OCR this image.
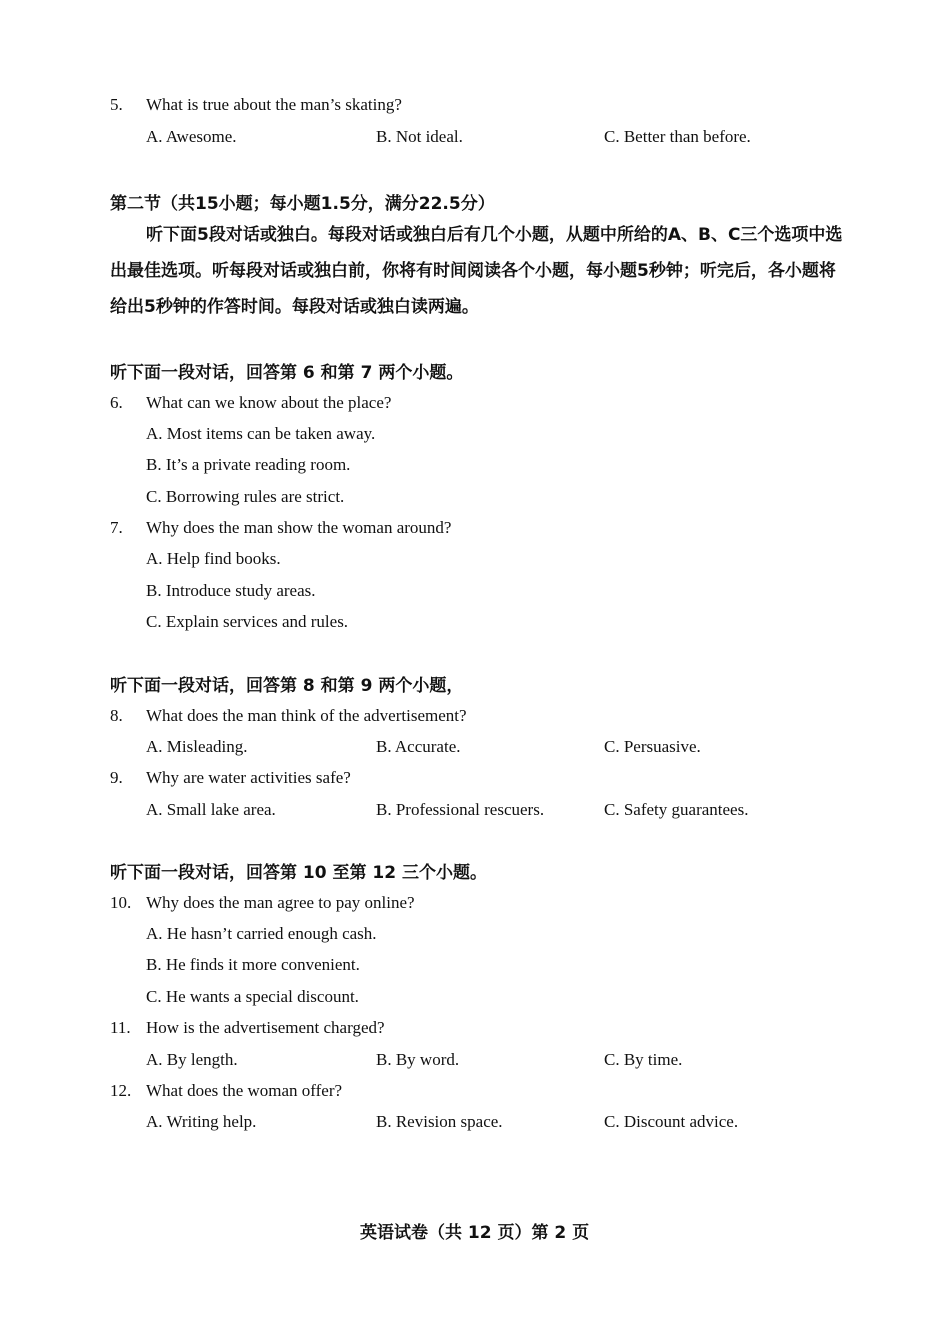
5. What is true about the man’s skating?
A. Awesome.	B. Not ideal.	C. Better than before.
第二节（共15小题；每小题1.5分，满分22.5分）
听下面5段对话或独白。每段对话或独白后有几个小题，从题中所给的A、B、C三个选项中选出最佳选项。听每段对话或独白前，你将有时间阅读各个小题，每小题5秒钟；听完后，各小题将给出5秒钟的作答时间。每段对话或独白读两遍。
听下面一段对话，回答第 6 和第 7 两个小题。
6. What can we know about the place?
A. Most items can be taken away.
B. It’s a private reading room.
C. Borrowing rules are strict.
7. Why does the man show the woman around?
A. Help find books.
B. Introduce study areas.
C. Explain services and rules.
听下面一段对话，回答第 8 和第 9 两个小题，
8. What does the man think of the advertisement?
A. Misleading.	B. Accurate.	C. Persuasive.
9. Why are water activities safe?
A. Small lake area.	B. Professional rescuers.	C. Safety guarantees.
听下面一段对话，回答第 10 至第 12 三个小题。
10. Why does the man agree to pay online?
A. He hasn’t carried enough cash.
B. He finds it more convenient.
C. He wants a special discount.
11. How is the advertisement charged?
A. By length.	B. By word.	C. By time.
12. What does the woman offer?
A. Writing help.	B. Revision space.	C. Discount advice.
英语试卷（共 12 页）第 2 页
